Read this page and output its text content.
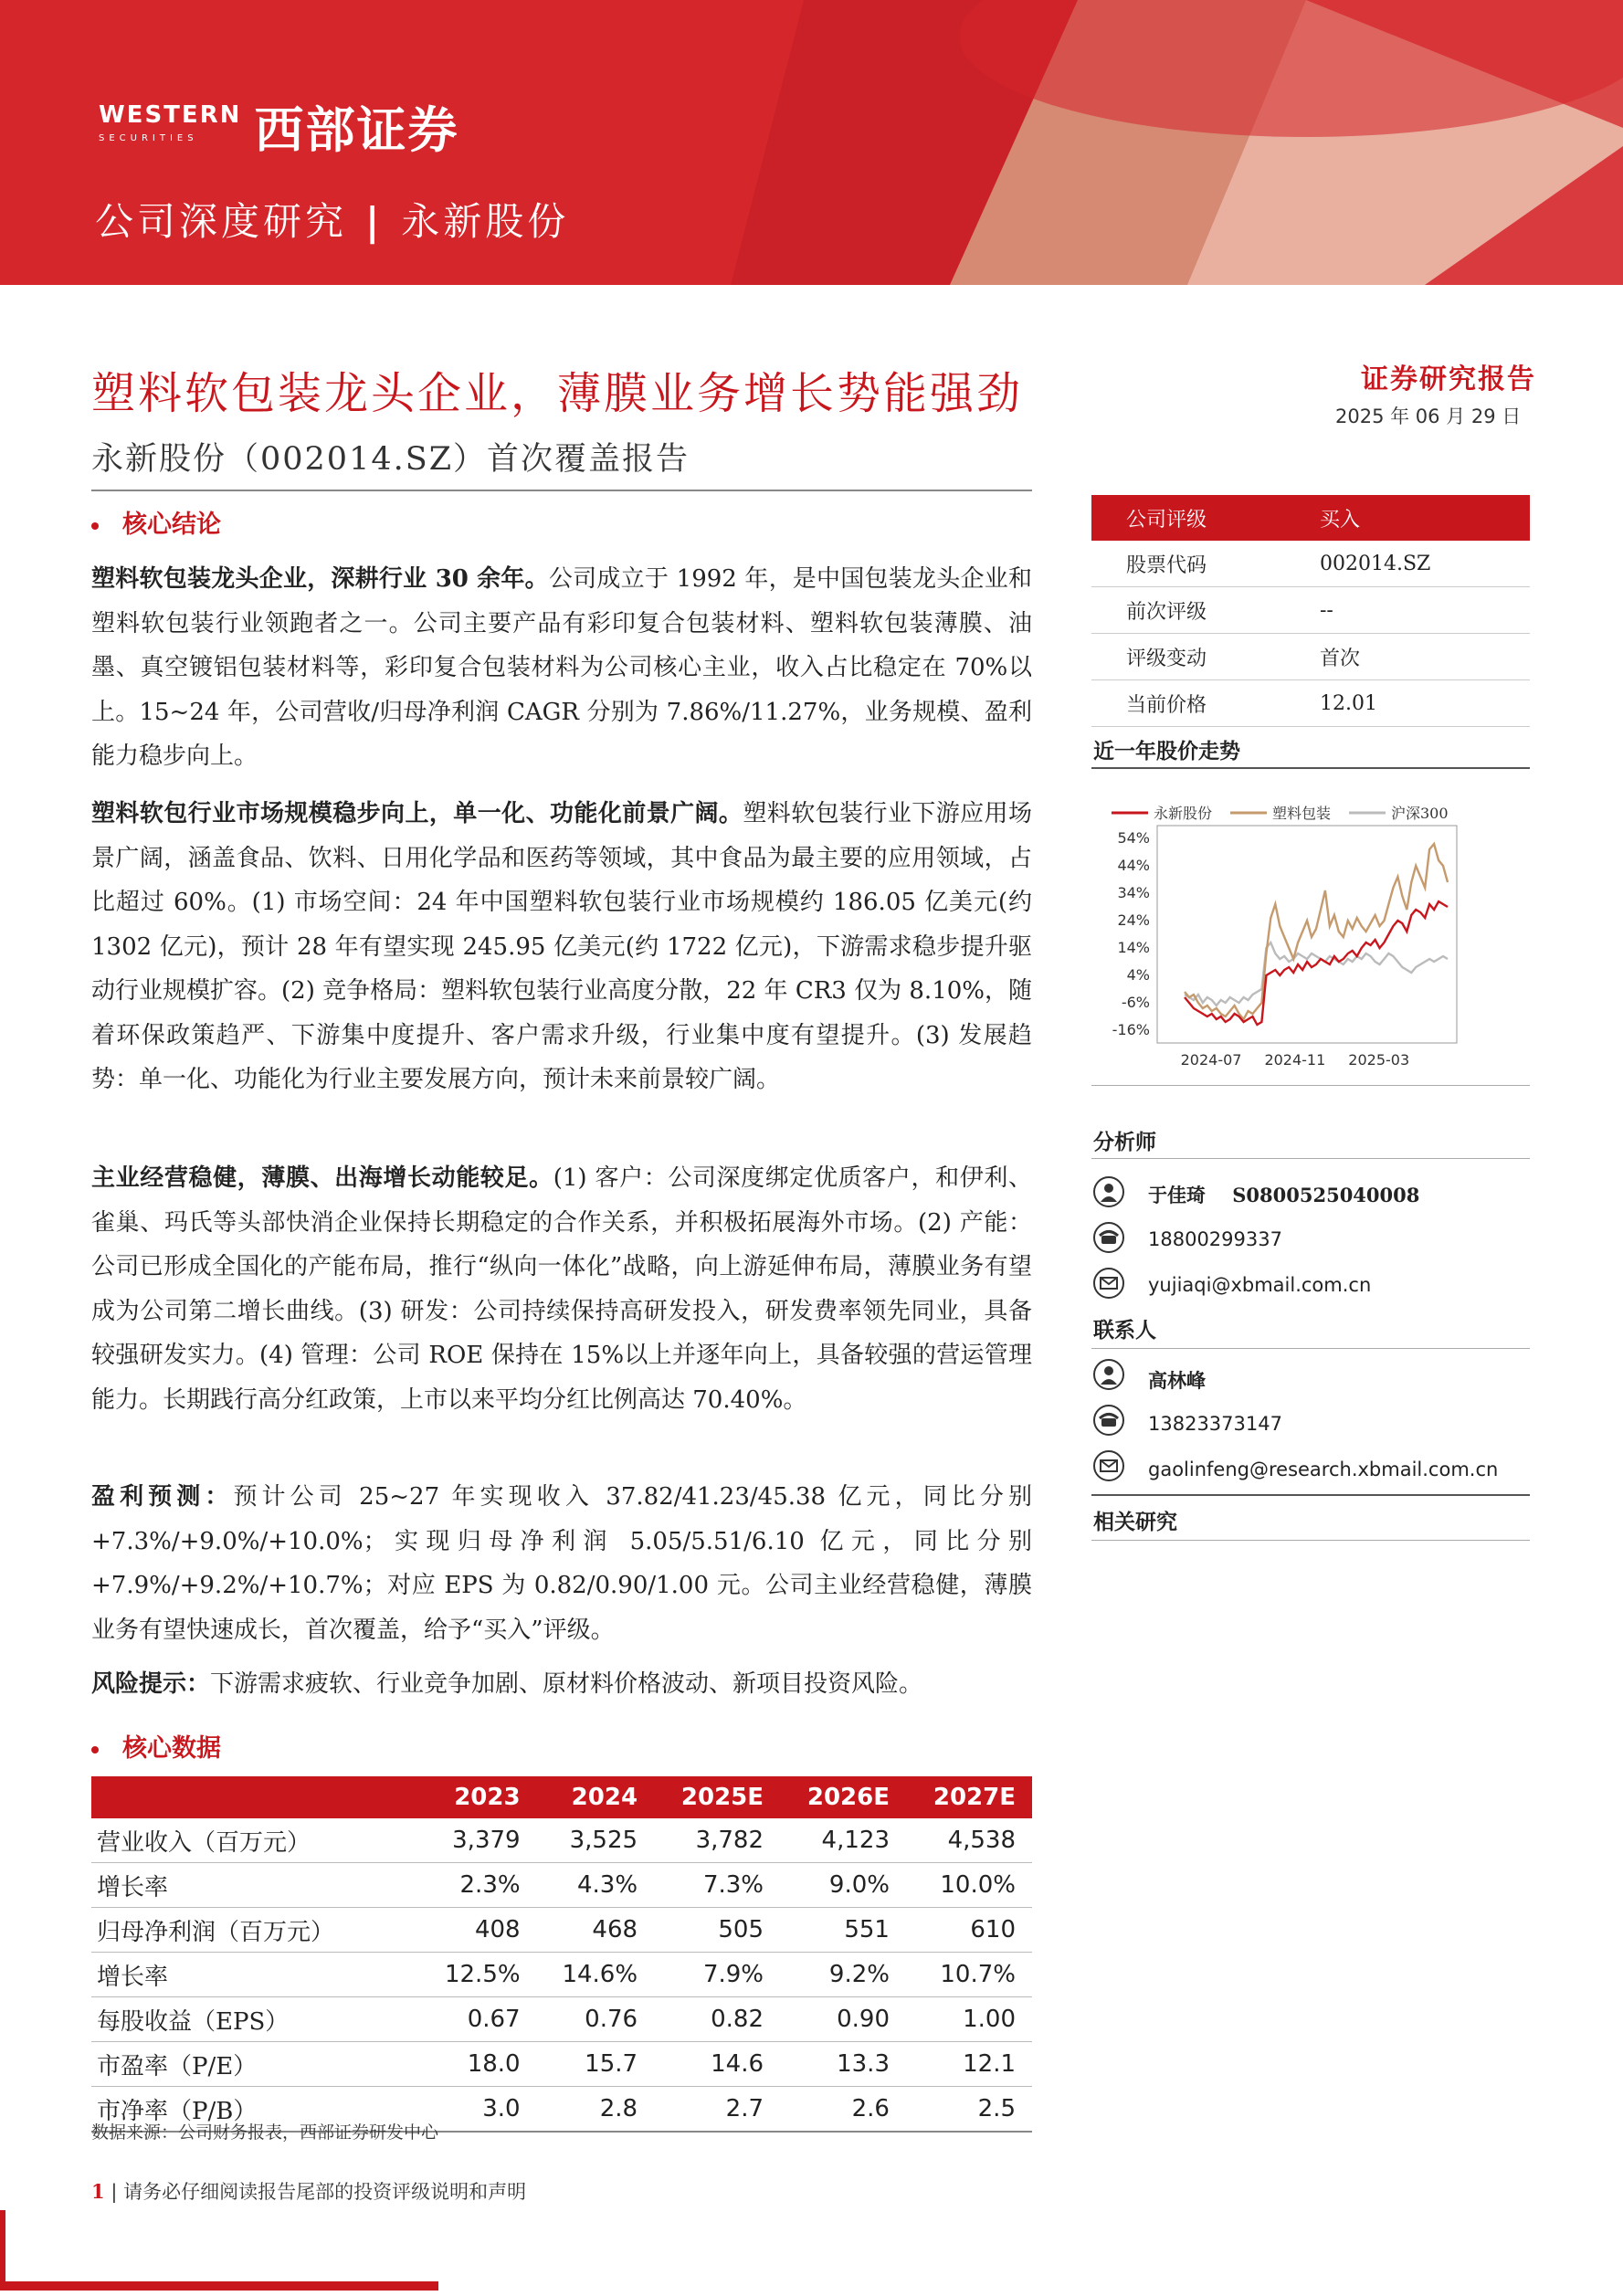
WESTERN
SECURITIES	西部证券
公司深度研究 | 永新股份
塑料软包装龙头企业，薄膜业务增长势能强劲
永新股份（002014.SZ）首次覆盖报告
证券研究报告
2025 年 06 月 29 日
核心结论
塑料软包装龙头企业，深耕行业 30 余年。公司成立于 1992 年，是中国包装龙头企业和塑料软包装行业领跑者之一。公司主要产品有彩印复合包装材料、塑料软包装薄膜、油墨、真空镀铝包装材料等，彩印复合包装材料为公司核心主业，收入占比稳定在 70%以上。15~24 年，公司营收/归母净利润 CAGR 分别为 7.86%/11.27%，业务规模、盈利能力稳步向上。
塑料软包行业市场规模稳步向上，单一化、功能化前景广阔。塑料软包装行业下游应用场景广阔，涵盖食品、饮料、日用化学品和医药等领域，其中食品为最主要的应用领域，占比超过 60%。(1) 市场空间：24 年中国塑料软包装行业市场规模约 186.05 亿美元(约 1302 亿元)，预计 28 年有望实现 245.95 亿美元(约 1722 亿元)，下游需求稳步提升驱动行业规模扩容。(2) 竞争格局：塑料软包装行业高度分散，22 年 CR3 仅为 8.10%，随着环保政策趋严、下游集中度提升、客户需求升级，行业集中度有望提升。(3) 发展趋势：单一化、功能化为行业主要发展方向，预计未来前景较广阔。
主业经营稳健，薄膜、出海增长动能较足。(1) 客户：公司深度绑定优质客户，和伊利、雀巢、玛氏等头部快消企业保持长期稳定的合作关系，并积极拓展海外市场。(2) 产能：公司已形成全国化的产能布局，推行“纵向一体化”战略，向上游延伸布局，薄膜业务有望成为公司第二增长曲线。(3) 研发：公司持续保持高研发投入，研发费率领先同业，具备较强研发实力。(4) 管理：公司 ROE 保持在 15%以上并逐年向上，具备较强的营运管理能力。长期践行高分红政策，上市以来平均分红比例高达 70.40%。
盈利预测：预计公司 25~27 年实现收入 37.82/41.23/45.38 亿元，同比分别 +7.3%/+9.0%/+10.0%；实现归母净利润 5.05/5.51/6.10 亿元，同比分别 +7.9%/+9.2%/+10.7%；对应 EPS 为 0.82/0.90/1.00 元。公司主业经营稳健，薄膜业务有望快速成长，首次覆盖，给予“买入”评级。
风险提示：下游需求疲软、行业竞争加剧、原材料价格波动、新项目投资风险。
公司评级	买入
股票代码	002014.SZ
前次评级	--
评级变动	首次
当前价格	12.01
近一年股价走势
永新股份	塑料包装	沪深300
54%
44%
34%
24%
14%
4%
-6%
-16%
2024-07 2024-11 2025-03
分析师
于佳琦 S0800525040008
18800299337
yujiaqi@xbmail.com.cn
联系人
高林峰
13823373147
gaolinfeng@research.xbmail.com.cn
相关研究
核心数据
	2023	2024	2025E	2026E	2027E
营业收入（百万元）	3,379	3,525	3,782	4,123	4,538
增长率	2.3%	4.3%	7.3%	9.0%	10.0%
归母净利润（百万元）	408	468	505	551	610
增长率	12.5%	14.6%	7.9%	9.2%	10.7%
每股收益（EPS）	0.67	0.76	0.82	0.90	1.00
市盈率（P/E）	18.0	15.7	14.6	13.3	12.1
市净率（P/B）	3.0	2.8	2.7	2.6	2.5
数据来源：公司财务报表，西部证券研发中心
1 | 请务必仔细阅读报告尾部的投资评级说明和声明
